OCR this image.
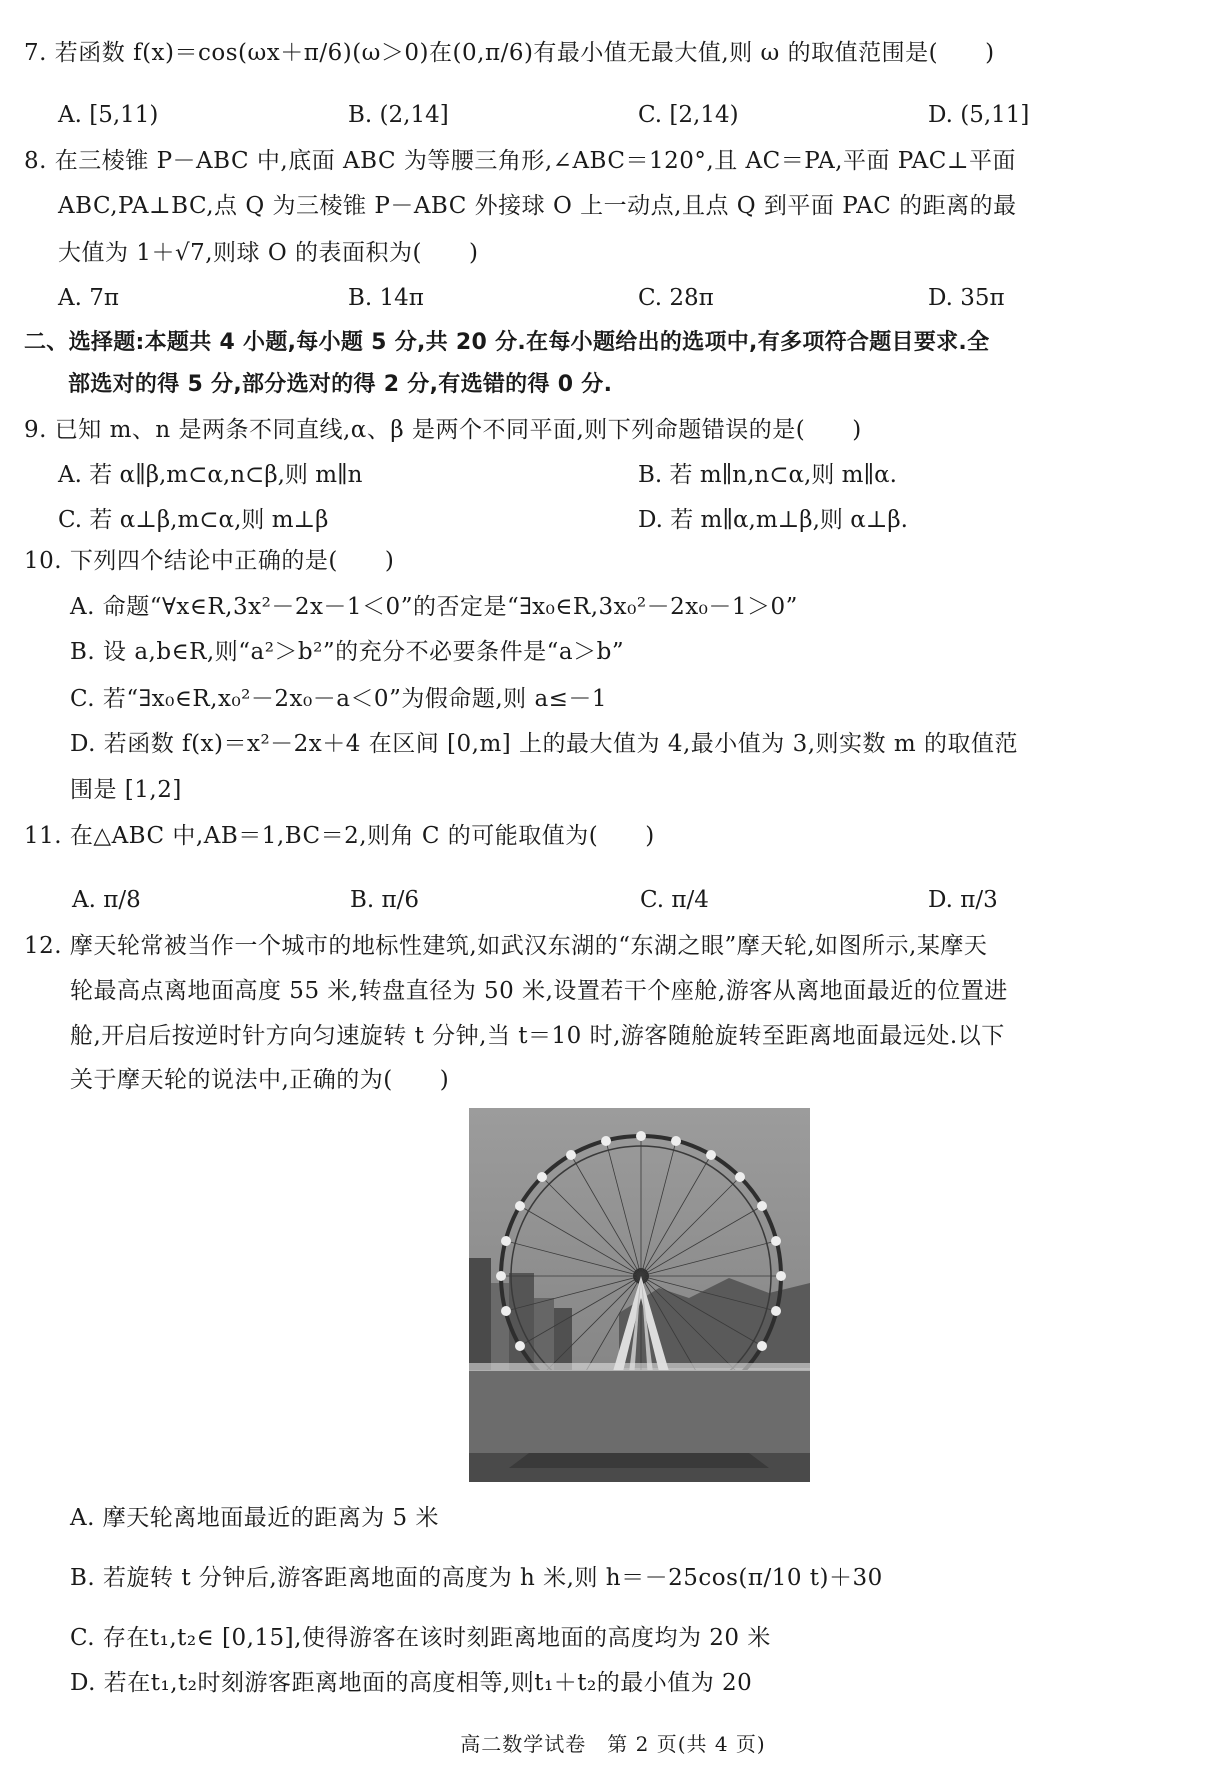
7. 若函数 f(x)＝cos(ωx＋π/6)(ω＞0)在(0,π/6)有最小值无最大值,则 ω 的取值范围是(　　)
A. [5,11)	B. (2,14]	C. [2,14)	D. (5,11]
8. 在三棱锥 P－ABC 中,底面 ABC 为等腰三角形,∠ABC＝120°,且 AC＝PA,平面 PAC⊥平面
ABC,PA⊥BC,点 Q 为三棱锥 P－ABC 外接球 O 上一动点,且点 Q 到平面 PAC 的距离的最
大值为 1＋√7,则球 O 的表面积为(　　)
A. 7π	B. 14π	C. 28π	D. 35π
二、选择题:本题共 4 小题,每小题 5 分,共 20 分.在每小题给出的选项中,有多项符合题目要求.全
部选对的得 5 分,部分选对的得 2 分,有选错的得 0 分.
9. 已知 m、n 是两条不同直线,α、β 是两个不同平面,则下列命题错误的是(　　)
A. 若 α∥β,m⊂α,n⊂β,则 m∥n	B. 若 m∥n,n⊂α,则 m∥α.
C. 若 α⊥β,m⊂α,则 m⊥β	D. 若 m∥α,m⊥β,则 α⊥β.
10. 下列四个结论中正确的是(　　)
A. 命题“∀x∈R,3x²－2x－1＜0”的否定是“∃x₀∈R,3x₀²－2x₀－1＞0”
B. 设 a,b∈R,则“a²＞b²”的充分不必要条件是“a＞b”
C. 若“∃x₀∈R,x₀²－2x₀－a＜0”为假命题,则 a≤－1
D. 若函数 f(x)＝x²－2x＋4 在区间 [0,m] 上的最大值为 4,最小值为 3,则实数 m 的取值范
围是 [1,2]
11. 在△ABC 中,AB＝1,BC＝2,则角 C 的可能取值为(　　)
A. π/8	B. π/6	C. π/4	D. π/3
12. 摩天轮常被当作一个城市的地标性建筑,如武汉东湖的“东湖之眼”摩天轮,如图所示,某摩天
轮最高点离地面高度 55 米,转盘直径为 50 米,设置若干个座舱,游客从离地面最近的位置进
舱,开启后按逆时针方向匀速旋转 t 分钟,当 t＝10 时,游客随舱旋转至距离地面最远处.以下
关于摩天轮的说法中,正确的为(　　)
A. 摩天轮离地面最近的距离为 5 米
B. 若旋转 t 分钟后,游客距离地面的高度为 h 米,则 h＝－25cos(π/10 t)＋30
C. 存在t₁,t₂∈ [0,15],使得游客在该时刻距离地面的高度均为 20 米
D. 若在t₁,t₂时刻游客距离地面的高度相等,则t₁＋t₂的最小值为 20
高二数学试卷　第 2 页(共 4 页)
